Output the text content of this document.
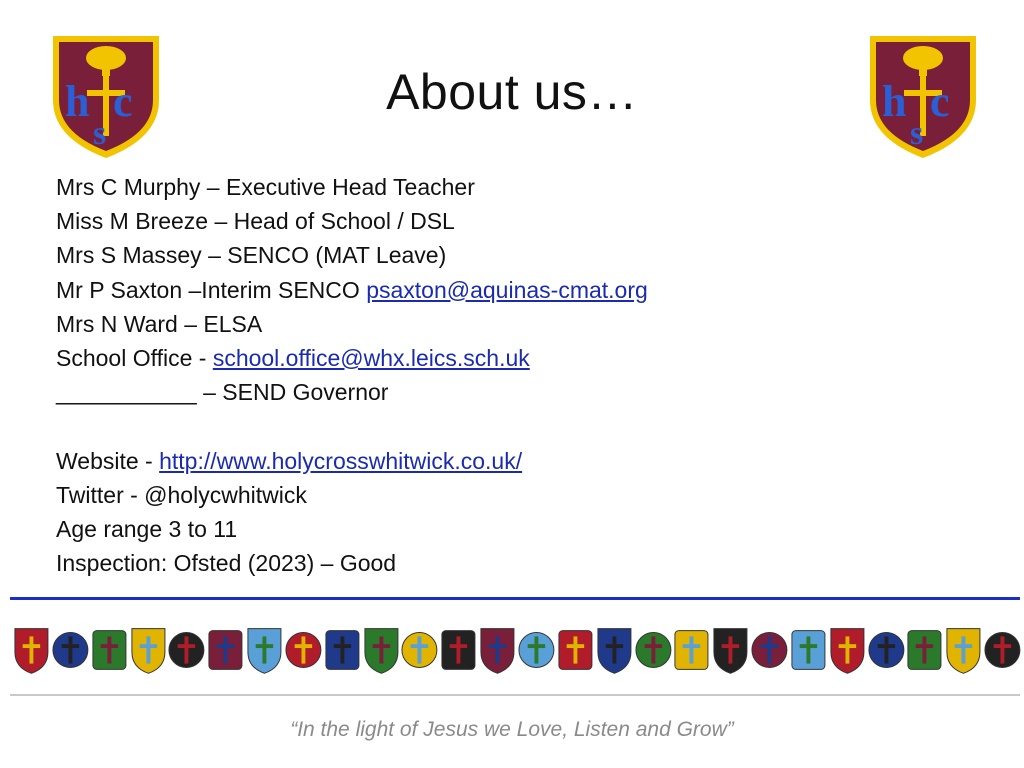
h c
s
h c
s
About us…
Mrs C Murphy – Executive Head Teacher
Miss M Breeze – Head of School / DSL
Mrs S Massey – SENCO (MAT Leave)
Mr P Saxton –Interim SENCO psaxton@aquinas-cmat.org
Mrs N Ward – ELSA
School Office - school.office@whx.leics.sch.uk
___________ – SEND Governor
Website - http://www.holycrosswhitwick.co.uk/
Twitter - @holycwhitwick
Age range 3 to 11
Inspection: Ofsted (2023) – Good
“In the light of Jesus we Love, Listen and Grow”
